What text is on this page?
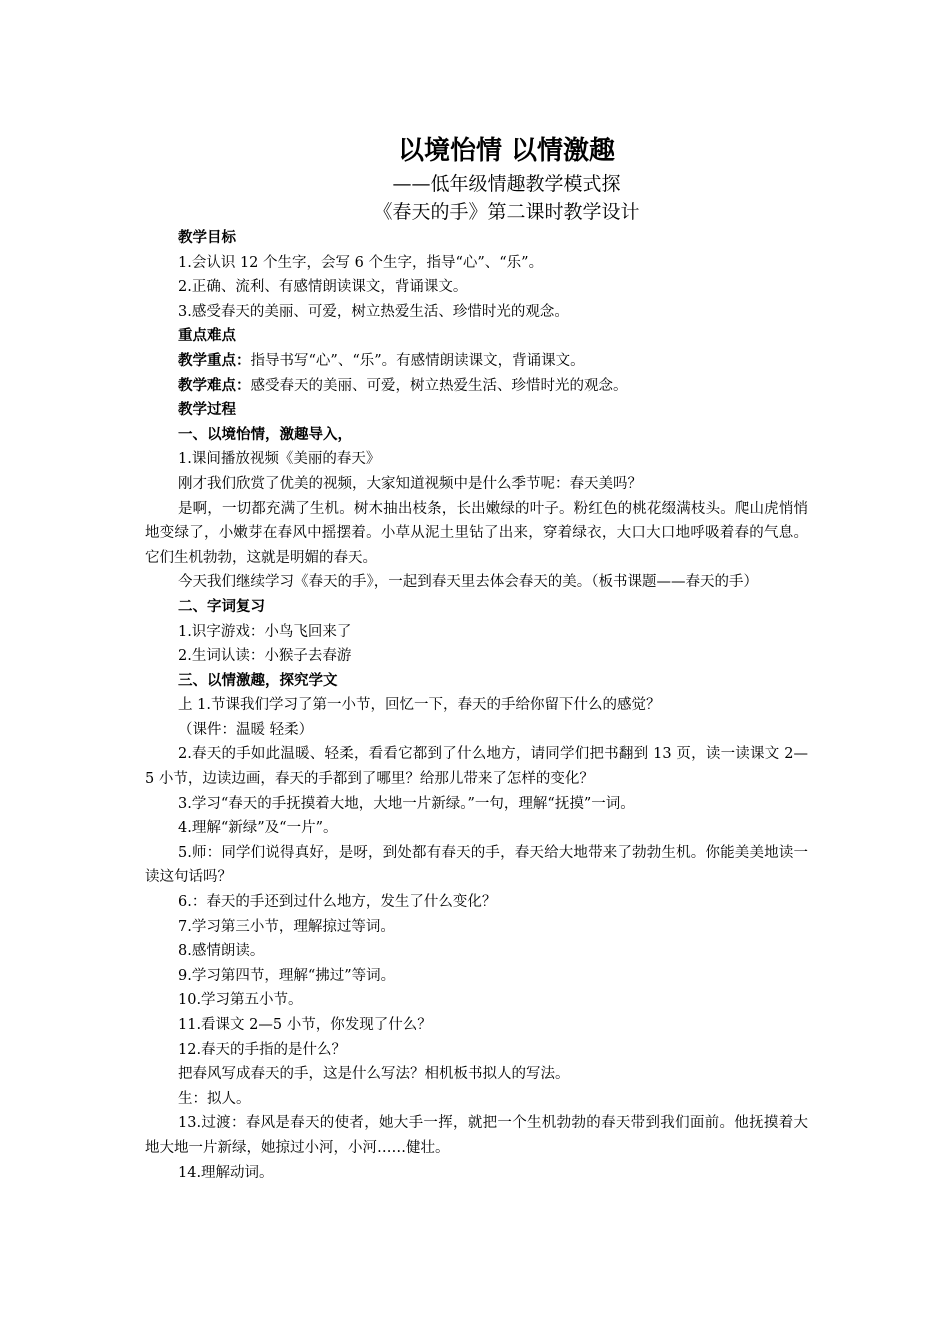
以境怡情 以情激趣

——低年级情趣教学模式探

《春天的手》第二课时教学设计

教学目标

1.会认识 12 个生字，会写 6 个生字，指导“心”、“乐”。

2.正确、流利、有感情朗读课文，背诵课文。

3.感受春天的美丽、可爱，树立热爱生活、珍惜时光的观念。

重点难点

教学重点：指导书写“心”、“乐”。有感情朗读课文，背诵课文。

教学难点：感受春天的美丽、可爱，树立热爱生活、珍惜时光的观念。

教学过程

一、以境怡情，激趣导入，

1.课间播放视频《美丽的春天》

刚才我们欣赏了优美的视频，大家知道视频中是什么季节呢：春天美吗？

是啊，一切都充满了生机。树木抽出枝条，长出嫩绿的叶子。粉红色的桃花缀满枝头。爬山虎悄悄地变绿了，小嫩芽在春风中摇摆着。小草从泥土里钻了出来，穿着绿衣，大口大口地呼吸着春的气息。它们生机勃勃，这就是明媚的春天。

今天我们继续学习《春天的手》，一起到春天里去体会春天的美。（板书课题——春天的手）

二、字词复习

1.识字游戏：小鸟飞回来了

2.生词认读：小猴子去春游

三、以情激趣，探究学文

上 1.节课我们学习了第一小节，回忆一下，春天的手给你留下什么的感觉？

（课件：温暖 轻柔）

2.春天的手如此温暖、轻柔，看看它都到了什么地方，请同学们把书翻到 13 页，读一读课文 2—5 小节，边读边画，春天的手都到了哪里？给那儿带来了怎样的变化？

3.学习“春天的手抚摸着大地，大地一片新绿。”一句，理解“抚摸”一词。

4.理解“新绿”及“一片”。

5.师：同学们说得真好，是呀，到处都有春天的手，春天给大地带来了勃勃生机。你能美美地读一读这句话吗？

6.：春天的手还到过什么地方，发生了什么变化？

7.学习第三小节，理解掠过等词。

8.感情朗读。

9.学习第四节，理解“拂过”等词。

10.学习第五小节。

11.看课文 2—5 小节，你发现了什么？

12.春天的手指的是什么？

把春风写成春天的手，这是什么写法？相机板书拟人的写法。

生：拟人。

13.过渡：春风是春天的使者，她大手一挥，就把一个生机勃勃的春天带到我们面前。他抚摸着大地大地一片新绿，她掠过小河，小河……健壮。

14.理解动词。
